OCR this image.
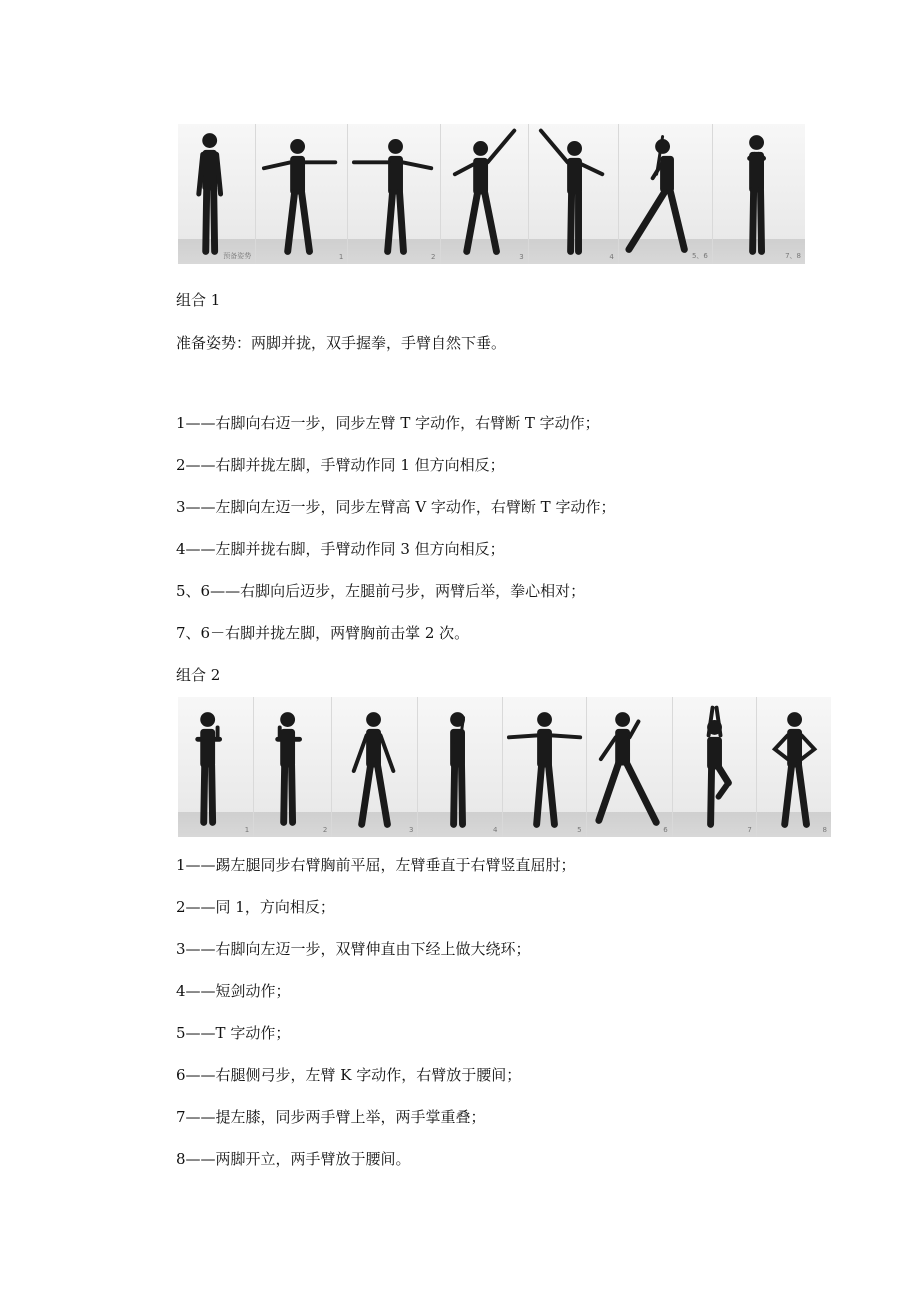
预备姿势	1	2	3	4	5、6	7、8
组合 1
准备姿势：两脚并拢，双手握拳，手臂自然下垂。
1——右脚向右迈一步，同步左臂 T 字动作，右臂断 T 字动作；
2——右脚并拢左脚，手臂动作同 1 但方向相反；
3——左脚向左迈一步，同步左臂高 V 字动作，右臂断 T 字动作；
4——左脚并拢右脚，手臂动作同 3 但方向相反；
5、6——右脚向后迈步，左腿前弓步，两臂后举，拳心相对；
7、6－右脚并拢左脚，两臂胸前击掌 2 次。
组合 2
1	2	3	4	5	6	7	8
1——踢左腿同步右臂胸前平屈，左臂垂直于右臂竖直屈肘；
2——同 1，方向相反；
3——右脚向左迈一步，双臂伸直由下经上做大绕环；
4——短剑动作；
5——T 字动作；
6——右腿侧弓步，左臂 K 字动作，右臂放于腰间；
7——提左膝，同步两手臂上举，两手掌重叠；
8——两脚开立，两手臂放于腰间。
